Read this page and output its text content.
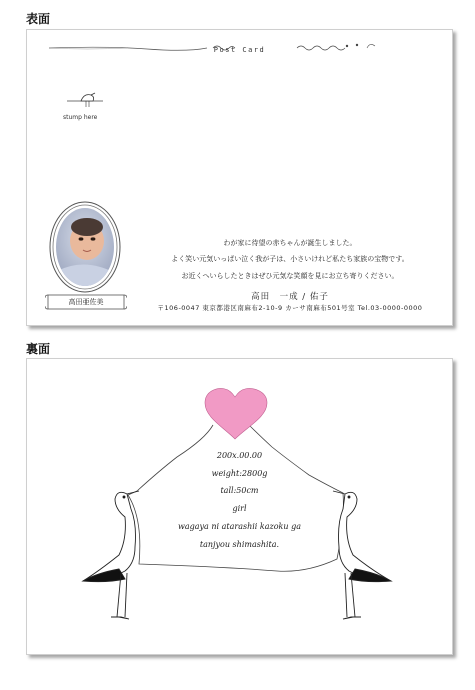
表面
Post Card
stump here
高田亜佐美
わが家に待望の赤ちゃんが誕生しました。
よく笑い元気いっぱい泣く我が子は、小さいけれど私たち家族の宝物です。
お近くへいらしたときはぜひ元気な笑顔を見にお立ち寄りください。
高田　一成 / 佑子
〒106-0047 東京都港区南麻布2-10-9 カーサ南麻布501号室 Tel.03-0000-0000
裏面
200x.00.00
weight:2800g
tall:50cm
girl
wagaya ni atarashii kazoku ga
tanjyou shimashita.
